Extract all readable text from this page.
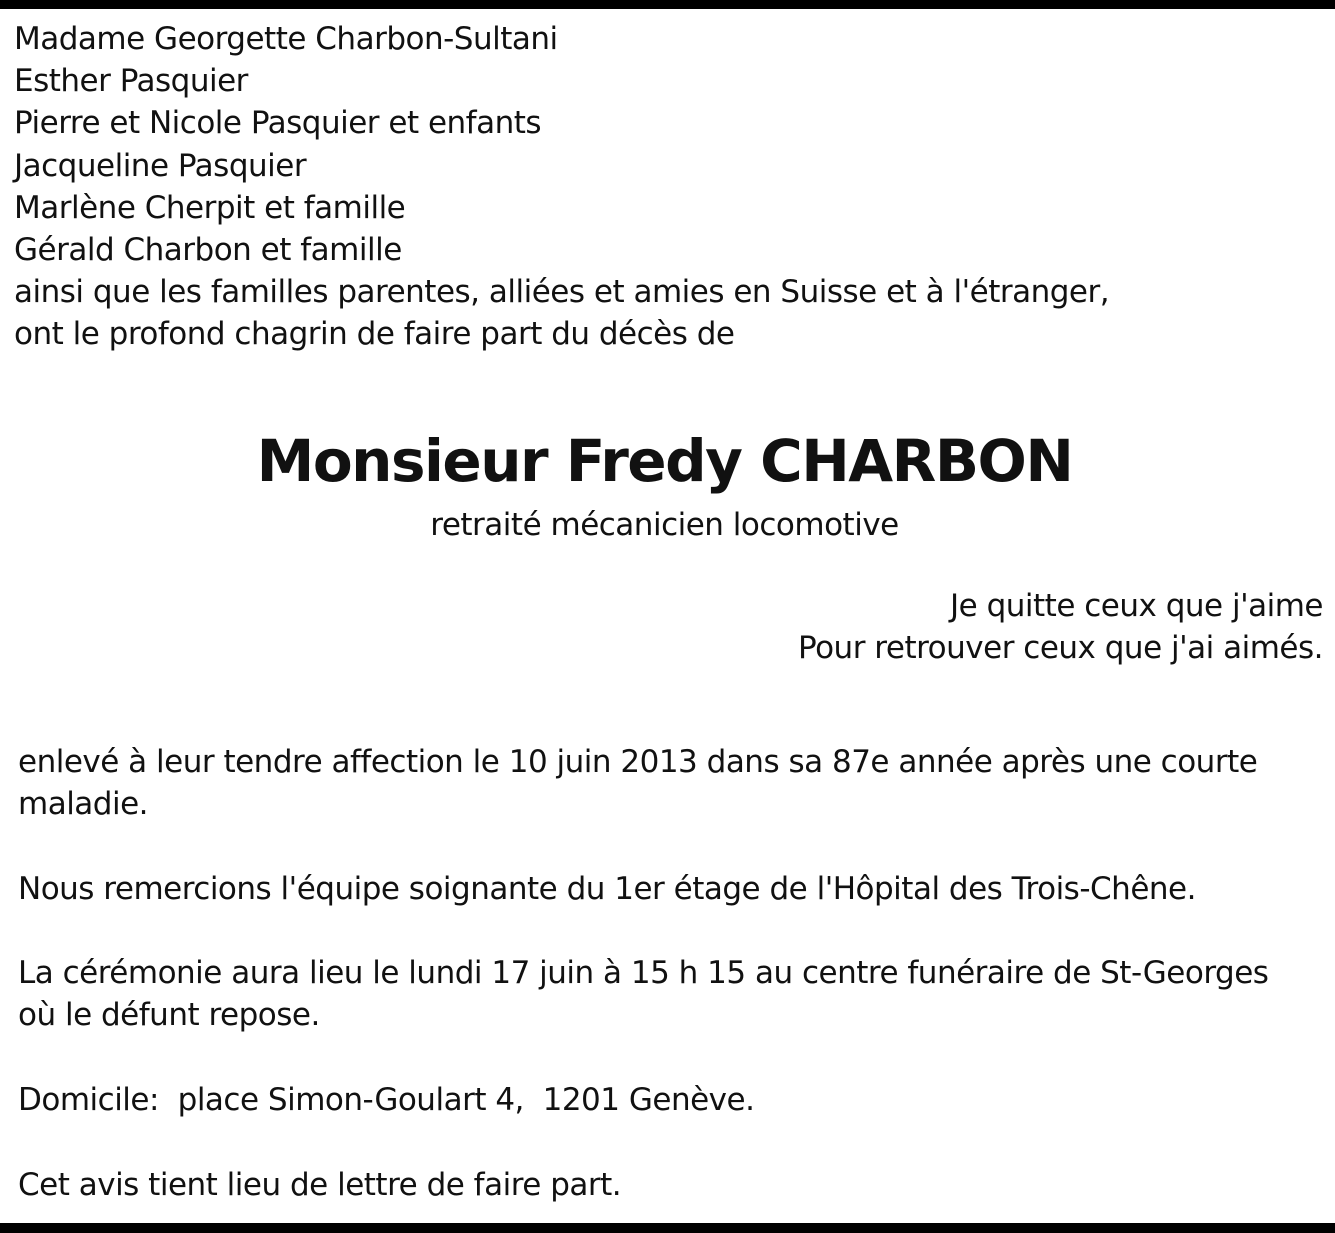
Madame Georgette Charbon-Sultani
Esther Pasquier
Pierre et Nicole Pasquier et enfants
Jacqueline Pasquier
Marlène Cherpit et famille
Gérald Charbon et famille
ainsi que les familles parentes, alliées et amies en Suisse et à l'étranger,
ont le profond chagrin de faire part du décès de
Monsieur Fredy CHARBON
retraité mécanicien locomotive
Je quitte ceux que j'aime
Pour retrouver ceux que j'ai aimés.
enlevé à leur tendre affection le 10 juin 2013 dans sa 87e année après une courte maladie.
Nous remercions l'équipe soignante du 1er étage de l'Hôpital des Trois-Chêne.
La cérémonie aura lieu le lundi 17 juin à 15 h 15 au centre funéraire de St-Georges où le défunt repose.
Domicile:  place Simon-Goulart 4,  1201 Genève.
Cet avis tient lieu de lettre de faire part.
